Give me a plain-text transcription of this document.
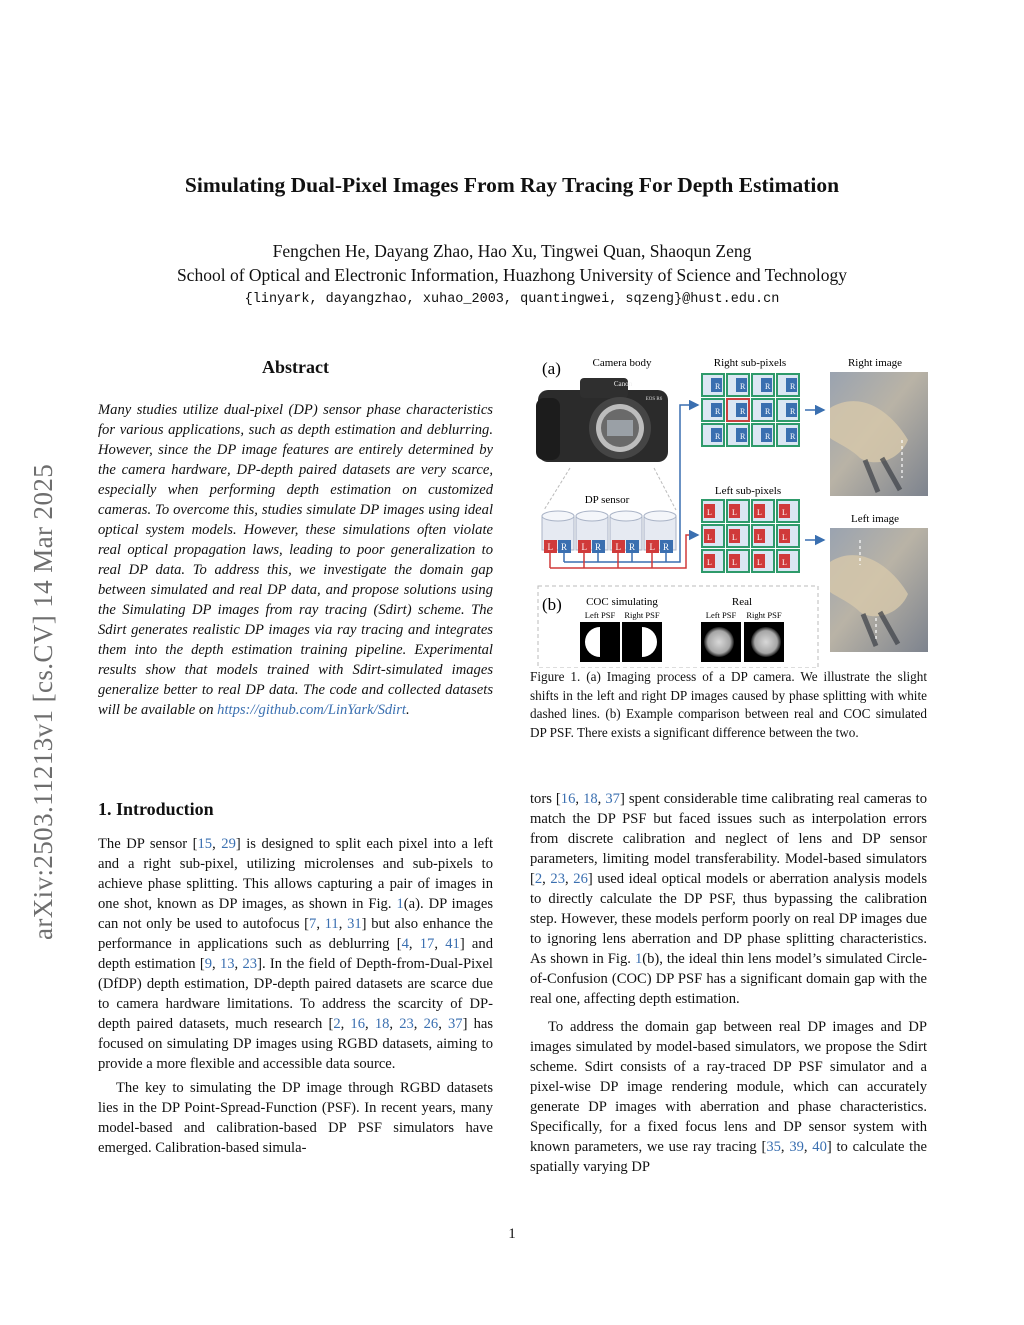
arXiv:2503.11213v1 [cs.CV] 14 Mar 2025
Simulating Dual-Pixel Images From Ray Tracing For Depth Estimation
Fengchen He, Dayang Zhao, Hao Xu, Tingwei Quan, Shaoqun Zeng
School of Optical and Electronic Information, Huazhong University of Science and Technology
{linyark, dayangzhao, xuhao_2003, quantingwei, sqzeng}@hust.edu.cn
Abstract
Many studies utilize dual-pixel (DP) sensor phase characteristics for various applications, such as depth estimation and deblurring. However, since the DP image features are entirely determined by the camera hardware, DP-depth paired datasets are very scarce, especially when performing depth estimation on customized cameras. To overcome this, studies simulate DP images using ideal optical system models. However, these simulations often violate real optical propagation laws, leading to poor generalization to real DP data. To address this, we investigate the domain gap between simulated and real DP data, and propose solutions using the Simulating DP images from ray tracing (Sdirt) scheme. The Sdirt generates realistic DP images via ray tracing and integrates them into the depth estimation training pipeline. Experimental results show that models trained with Sdirt-simulated images generalize better to real DP data. The code and collected datasets will be available on https://github.com/LinYark/Sdirt.
1. Introduction

The DP sensor [15, 29] is designed to split each pixel into a left and a right sub-pixel, utilizing microlenses and sub-pixels to achieve phase splitting. This allows capturing a pair of images in one shot, known as DP images, as shown in Fig. 1(a). DP images can not only be used to autofocus [7, 11, 31] but also enhance the performance in applications such as deblurring [4, 17, 41] and depth estimation [9, 13, 23]. In the field of Depth-from-Dual-Pixel (DfDP) depth estimation, DP-depth paired datasets are scarce due to camera hardware limitations. To address the scarcity of DP-depth paired datasets, much research [2, 16, 18, 23, 26, 37] has focused on simulating DP images using RGBD datasets, aiming to provide a more flexible and accessible data source.

The key to simulating the DP image through RGBD datasets lies in the DP Point-Spread-Function (PSF). In recent years, many model-based and calibration-based DP PSF simulators have emerged. Calibration-based simula-

tors [16, 18, 37] spent considerable time calibrating real cameras to match the DP PSF but faced issues such as interpolation errors from discrete calibration and neglect of lens and DP sensor parameters, limiting model transferability. Model-based simulators [2, 23, 26] used ideal optical models or aberration analysis models to directly calculate the DP PSF, thus bypassing the calibration step. However, these models perform poorly on real DP images due to ignoring lens aberration and DP phase splitting characteristics. As shown in Fig. 1(b), the ideal thin lens model’s simulated Circle-of-Confusion (COC) DP PSF has a significant domain gap with the real one, affecting depth estimation.

To address the domain gap between real DP images and DP images simulated by model-based simulators, we propose the Sdirt scheme. Sdirt consists of a ray-traced DP PSF simulator and a pixel-wise DP image rendering module, which can accurately generate DP images with aberration and phase characteristics. Specifically, for a fixed focus lens and DP sensor system with known parameters, we use ray tracing [35, 39, 40] to calculate the spatially varying DP

(a)	Camera body	Right sub-pixels	Right image
Canon
EOS R6
DP sensor
L R L R L R L R
R R R R
R R R R
R R R R
Left sub-pixels
L	L	L	L
L	L	L	L
L	L	L	L
Left image
(b) COC simulating	Real
Left PSF Right PSF	Left PSF Right PSF
Figure 1. (a) Imaging process of a DP camera. We illustrate the slight shifts in the left and right DP images caused by phase splitting with white dashed lines. (b) Example comparison between real and COC simulated DP PSF. There exists a significant difference between the two.
1
